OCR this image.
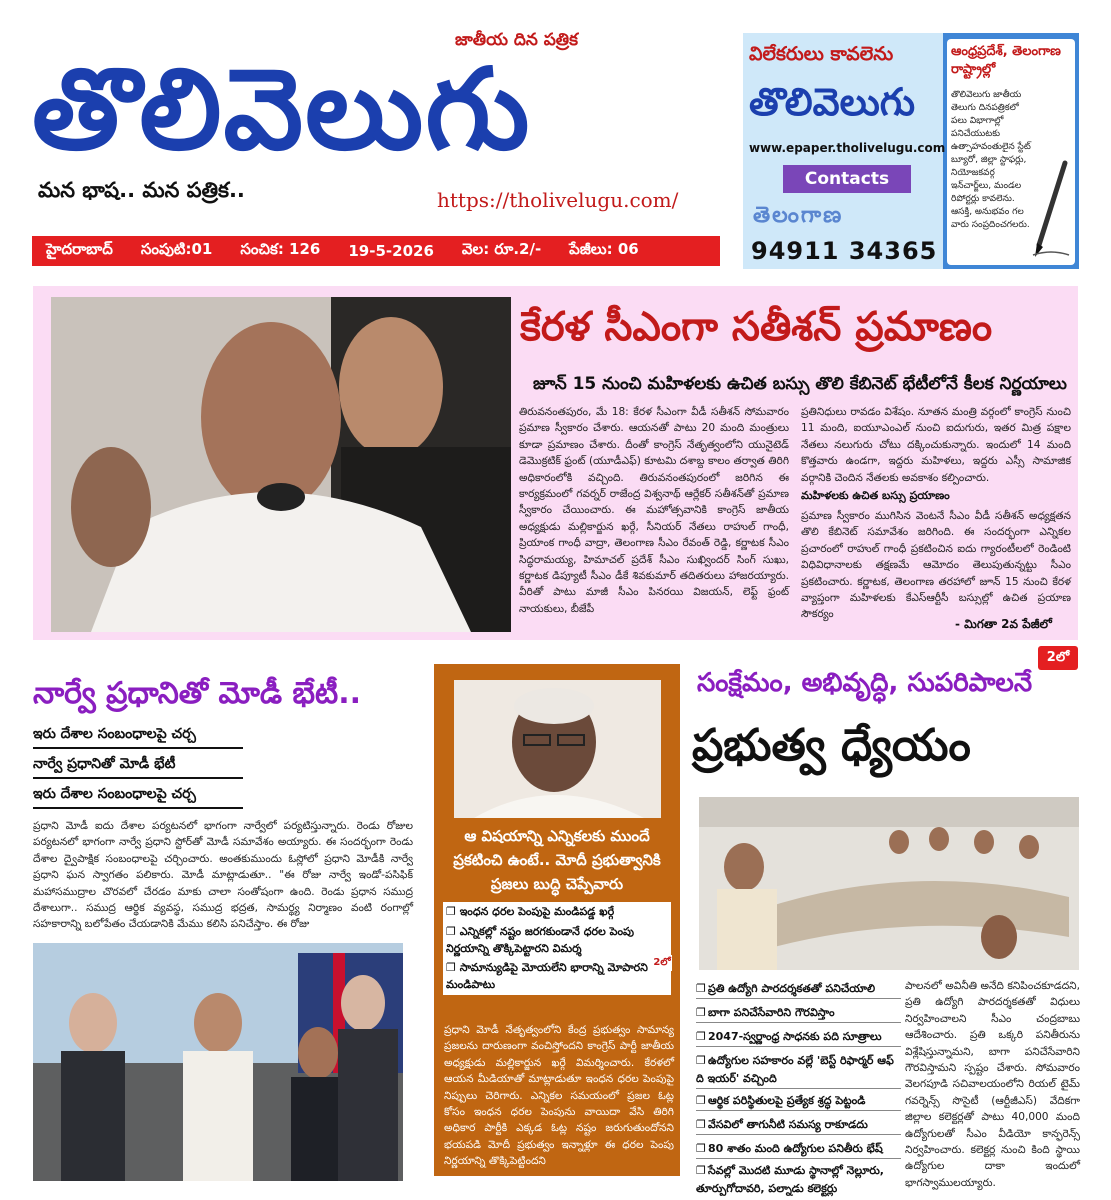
తొలివెలుగు
జాతీయ దిన పత్రిక
మన భాష.. మన పత్రిక..	https://tholivelugu.com/
హైదరాబాద్ సంపుటి:01 సంచిక: 126 19-5-2026 వెల: రూ.2/- పేజీలు: 06
విలేకరులు కావలెను
తొలివెలుగు
www.epaper.tholivelugu.com
Contacts
తెలంగాణ
94911 34365
ఆంధ్రప్రదేశ్, తెలంగాణ రాష్ట్రాల్లో
తొలివెలుగు జాతీయ తెలుగు దినపత్రికలో పలు విభాగాల్లో పనిచేయుటకు ఉత్సాహవంతులైన స్టేట్ బ్యూరో, జిల్లా స్టాఫర్లు, నియోజకవర్గ ఇన్‌చార్జ్‌లు, మండల రిపోర్టర్లు కావలెను. ఆసక్తి, అనుభవం గల వారు సంప్రదించగలరు.
కేరళ సీఎంగా సతీశన్ ప్రమాణం
జూన్ 15 నుంచి మహిళలకు ఉచిత బస్సు తొలి కేబినెట్ భేటీలోనే కీలక నిర్ణయాలు
తిరువనంతపురం, మే 18: కేరళ సీఎంగా వీడీ సతీశన్ సోమవారం ప్రమాణ స్వీకారం చేశారు. ఆయనతో పాటు 20 మంది మంత్రులు కూడా ప్రమాణం చేశారు. దీంతో కాంగ్రెస్ నేతృత్వంలోని యునైటెడ్ డెమొక్రటిక్ ఫ్రంట్ (యూడీఎఫ్) కూటమి దశాబ్ద కాలం తర్వాత తిరిగి అధికారంలోకి వచ్చింది. తిరువనంతపురంలో జరిగిన ఈ కార్యక్రమంలో గవర్నర్ రాజేంద్ర విశ్వనాథ్ ఆర్లేకర్ సతీశన్‌తో ప్రమాణ స్వీకారం చేయించారు. ఈ మహోత్సవానికి కాంగ్రెస్ జాతీయ అధ్యక్షుడు మల్లికార్జున ఖర్గే, సీనియర్ నేతలు రాహుల్ గాంధీ, ప్రియాంక గాంధీ వాద్రా, తెలంగాణ సీఎం రేవంత్ రెడ్డి, కర్ణాటక సీఎం సిద్ధరామయ్య, హిమాచల్ ప్రదేశ్ సీఎం సుఖ్విందర్ సింగ్ సుఖు, కర్ణాటక డిప్యూటీ సీఎం డీకే శివకుమార్ తదితరులు హాజరయ్యారు. వీరితో పాటు మాజీ సీఎం పినరయి విజయన్, లెఫ్ట్ ఫ్రంట్ నాయకులు, బీజేపీ
ప్రతినిధులు రావడం విశేషం. నూతన మంత్రి వర్గంలో కాంగ్రెస్ నుంచి 11 మంది, ఐయూఎంఎల్ నుంచి ఐదుగురు, ఇతర మిత్ర పక్షాల నేతలు నలుగురు చోటు దక్కించుకున్నారు. ఇందులో 14 మంది కొత్తవారు ఉండగా, ఇద్దరు మహిళలు, ఇద్దరు ఎస్సీ సామాజిక వర్గానికి చెందిన నేతలకు అవకాశం కల్పించారు.
మహిళలకు ఉచిత బస్సు ప్రయాణం
ప్రమాణ స్వీకారం ముగిసిన వెంటనే సీఎం వీడీ సతీశన్ అధ్యక్షతన తొలి కేబినెట్ సమావేశం జరిగింది. ఈ సందర్భంగా ఎన్నికల ప్రచారంలో రాహుల్ గాంధీ ప్రకటించిన ఐదు గ్యారంటీలలో రెండింటి విధివిధానాలకు తక్షణమే ఆమోదం తెలుపుతున్నట్టు సీఎం ప్రకటించారు. కర్ణాటక, తెలంగాణ తరహాలో జూన్ 15 నుంచి కేరళ వ్యాప్తంగా మహిళలకు కేఎస్ఆర్టీసీ బస్సుల్లో ఉచిత ప్రయాణ సౌకర్యం
- మిగతా 2వ పేజీలో
నార్వే ప్రధానితో మోడీ భేటీ..
ఇరు దేశాల సంబంధాలపై చర్చ
నార్వే ప్రధానితో మోడీ భేటీ
ఇరు దేశాల సంబంధాలపై చర్చ
ప్రధాని మోడీ ఐదు దేశాల పర్యటనలో భాగంగా నార్వేలో పర్యటిస్తున్నారు. రెండు రోజుల పర్యటనలో భాగంగా నార్వే ప్రధాని స్టోర్‌తో మోడీ సమావేశం అయ్యారు. ఈ సందర్భంగా రెండు దేశాల ద్వైపాక్షిక సంబంధాలపై చర్చించారు. అంతకుముందు ఓస్లోలో ప్రధాని మోడీకి నార్వే ప్రధాని ఘన స్వాగతం పలికారు. మోడీ మాట్లాడుతూ.. "ఈ రోజు నార్వే ఇండో-పసిఫిక్ మహాసముద్రాల చొరవలో చేరడం మాకు చాలా సంతోషంగా ఉంది. రెండు ప్రధాన సముద్ర దేశాలుగా.. సముద్ర ఆర్థిక వ్యవస్థ, సముద్ర భద్రత, సామర్థ్య నిర్మాణం వంటి రంగాల్లో సహకారాన్ని బలోపేతం చేయడానికి మేము కలిసి పనిచేస్తాం. ఈ రోజు
ఆ విషయాన్ని ఎన్నికలకు ముందే ప్రకటించి ఉంటే.. మోదీ ప్రభుత్వానికి ప్రజలు బుద్ధి చెప్పేవారు
❐ ఇంధన ధరల పెంపుపై మండిపడ్డ ఖర్గే
❐ ఎన్నికల్లో నష్టం జరగకుండానే ధరల పెంపు నిర్ణయాన్ని తొక్కిపెట్టారని విమర్శ
❐ సామాన్యుడిపై మోయలేని భారాన్ని మోపారని మండిపాటు
2లో
ప్రధాని మోడీ నేతృత్వంలోని కేంద్ర ప్రభుత్వం సామాన్య ప్రజలను దారుణంగా వంచిస్తోందని కాంగ్రెస్ పార్టీ జాతీయ అధ్యక్షుడు మల్లికార్జున ఖర్గే విమర్శించారు. కేరళలో ఆయన మీడియాతో మాట్లాడుతూ ఇంధన ధరల పెంపుపై నిప్పులు చెరిగారు. ఎన్నికల సమయంలో ప్రజల ఓట్ల కోసం ఇంధన ధరల పెంపును వాయిదా వేసి తిరిగి అధికార పార్టీకి ఎక్కడ ఓట్ల నష్టం జరుగుతుందోనని భయపడి మోదీ ప్రభుత్వం ఇన్నాళ్లూ ఈ ధరల పెంపు నిర్ణయాన్ని తొక్కిపెట్టిందని
2లో
సంక్షేమం, అభివృద్ధి, సుపరిపాలనే
ప్రభుత్వ ధ్యేయం
❐ ప్రతి ఉద్యోగి పారదర్శకతతో పనిచేయాలి
❐ బాగా పనిచేసేవారిని గౌరవిస్తాం
❐ 2047-స్వర్ణాంధ్ర సాధనకు పది సూత్రాలు
❐ ఉద్యోగుల సహకారం వల్లే 'బెస్ట్ రిఫార్మర్ ఆఫ్ ది ఇయర్' వచ్చింది
❐ ఆర్థిక పరిస్థితులపై ప్రత్యేక శ్రద్ధ పెట్టండి
❐ వేసవిలో తాగునీటి సమస్య రాకూడదు
❐ 80 శాతం మంది ఉద్యోగుల పనితీరు భేష్
❐ సేవల్లో మొదటి మూడు స్థానాల్లో నెల్లూరు, తూర్పుగోదావరి, పల్నాడు కలెక్టర్లు
పాలనలో అవినీతి అనేది కనిపించకూడదని, ప్రతి ఉద్యోగి పారదర్శకతతో విధులు నిర్వహించాలని సీఎం చంద్రబాబు ఆదేశించారు. ప్రతి ఒక్కరి పనితీరును విశ్లేషిస్తున్నామని, బాగా పనిచేసేవారిని గౌరవిస్తామని స్పష్టం చేశారు. సోమవారం వెలగపూడి సచివాలయంలోని రియల్ టైమ్ గవర్నెన్స్ సొసైటీ (ఆర్టీజీఎస్) వేదికగా జిల్లాల కలెక్టర్లతో పాటు 40,000 మంది ఉద్యోగులతో సీఎం వీడియో కాన్ఫరెన్స్ నిర్వహించారు. కలెక్టర్ల నుంచి కింది స్థాయి ఉద్యోగుల దాకా ఇందులో భాగస్వాములయ్యారు.
